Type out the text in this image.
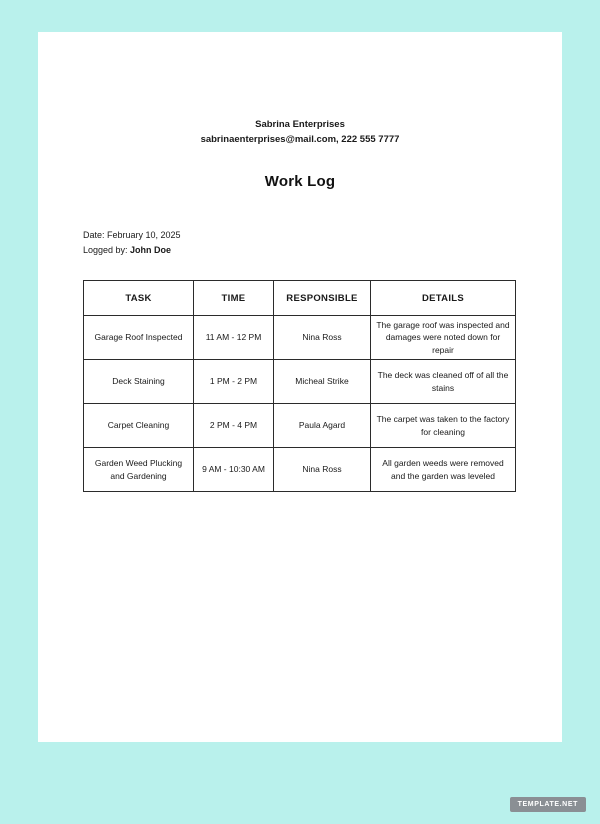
Sabrina Enterprises
sabrinaenterprises@mail.com, 222 555 7777
Work Log
Date: February 10, 2025
Logged by: John Doe
TASK	TIME	RESPONSIBLE	DETAILS
Garage Roof Inspected	11 AM - 12 PM	Nina Ross	The garage roof was inspected and damages were noted down for repair
Deck Staining	1 PM - 2 PM	Micheal Strike	The deck was cleaned off of all the stains
Carpet Cleaning	2 PM - 4 PM	Paula Agard	The carpet was taken to the factory for cleaning
Garden Weed Plucking and Gardening	9 AM - 10:30 AM	Nina Ross	All garden weeds were removed and the garden was leveled
TEMPLATE.NET
